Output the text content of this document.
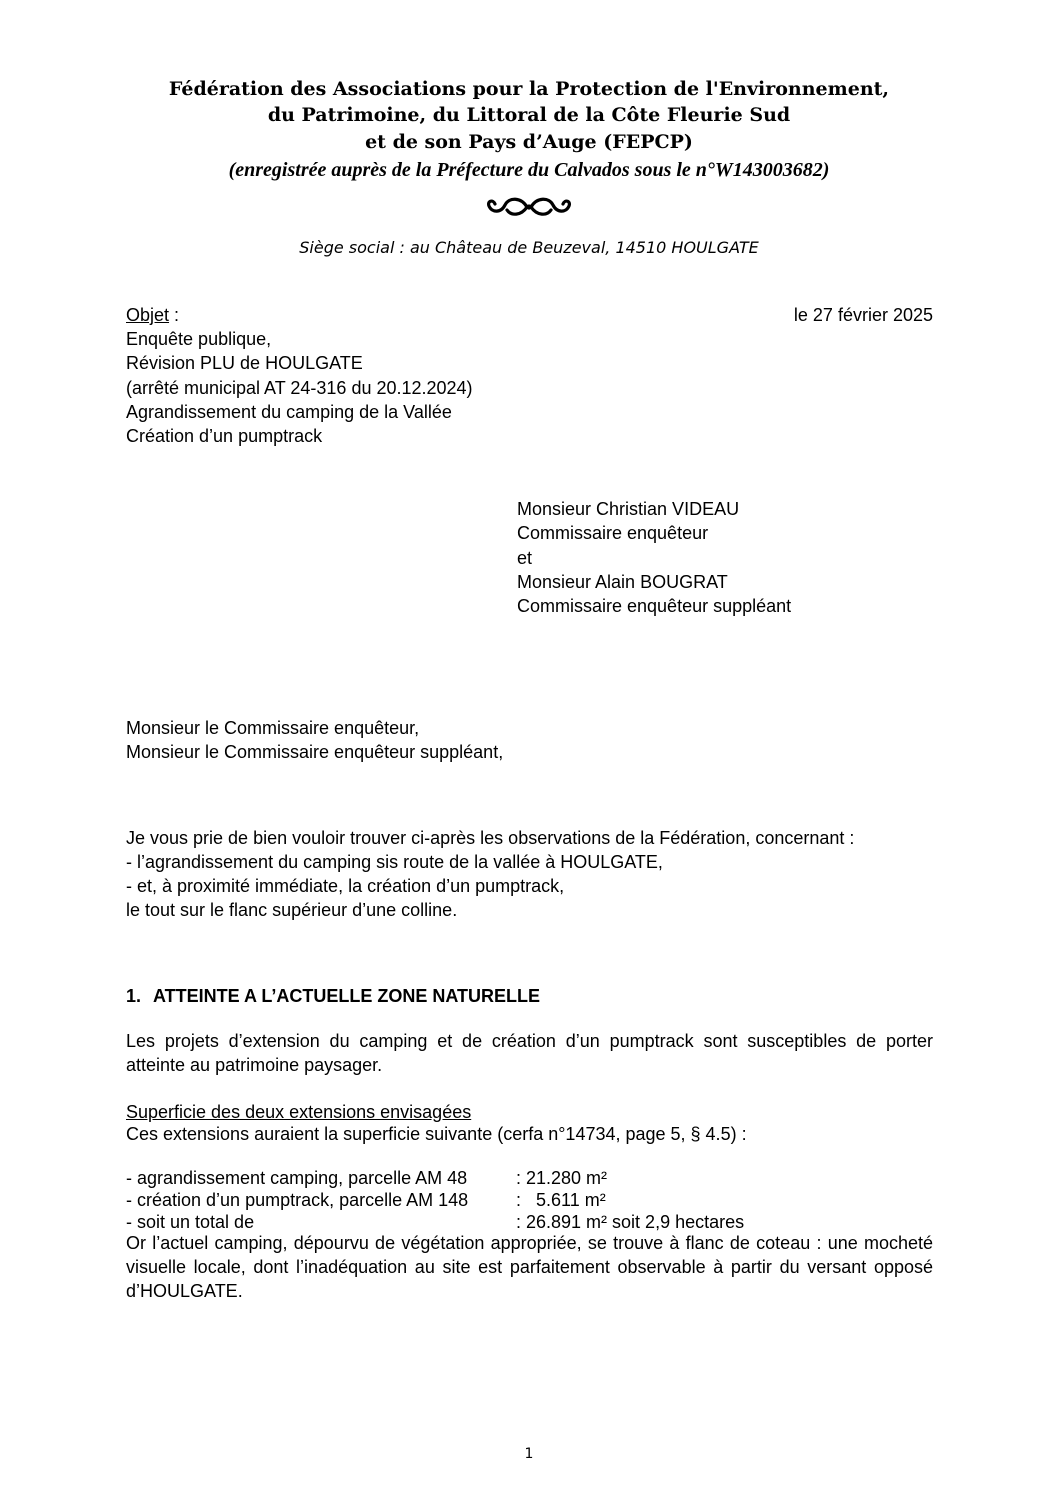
Fédération des Associations pour la Protection de l'Environnement,
du Patrimoine, du Littoral de la Côte Fleurie Sud
et de son Pays d’Auge (FEPCP)
(enregistrée auprès de la Préfecture du Calvados sous le n°W143003682)
Siège social : au Château de Beuzeval, 14510 HOULGATE
Objet :	le 27 février 2025
Enquête publique,
Révision PLU de HOULGATE
(arrêté municipal AT 24-316 du 20.12.2024)
Agrandissement du camping de la Vallée
Création d’un pumptrack
Monsieur Christian VIDEAU
Commissaire enquêteur
et
Monsieur Alain BOUGRAT
Commissaire enquêteur suppléant
Monsieur le Commissaire enquêteur,
Monsieur le Commissaire enquêteur suppléant,
Je vous prie de bien vouloir trouver ci-après les observations de la Fédération, concernant :
- l’agrandissement du camping sis route de la vallée à HOULGATE,
- et, à proximité immédiate, la création d’un pumptrack,
le tout sur le flanc supérieur d’une colline.
1. ATTEINTE A L’ACTUELLE ZONE NATURELLE
Les projets d’extension du camping et de création d’un pumptrack sont susceptibles de porter atteinte au patrimoine paysager.
Superficie des deux extensions envisagées
Ces extensions auraient la superficie suivante (cerfa n°14734, page 5, § 4.5) :
- agrandissement camping, parcelle AM 48	: 21.280 m²
- création d’un pumptrack, parcelle AM 148	:   5.611 m²
- soit un total de	: 26.891 m² soit 2,9 hectares
Or l’actuel camping, dépourvu de végétation appropriée, se trouve à flanc de coteau : une mocheté visuelle locale, dont l’inadéquation au site est parfaitement observable à partir du versant opposé d’HOULGATE.
1
